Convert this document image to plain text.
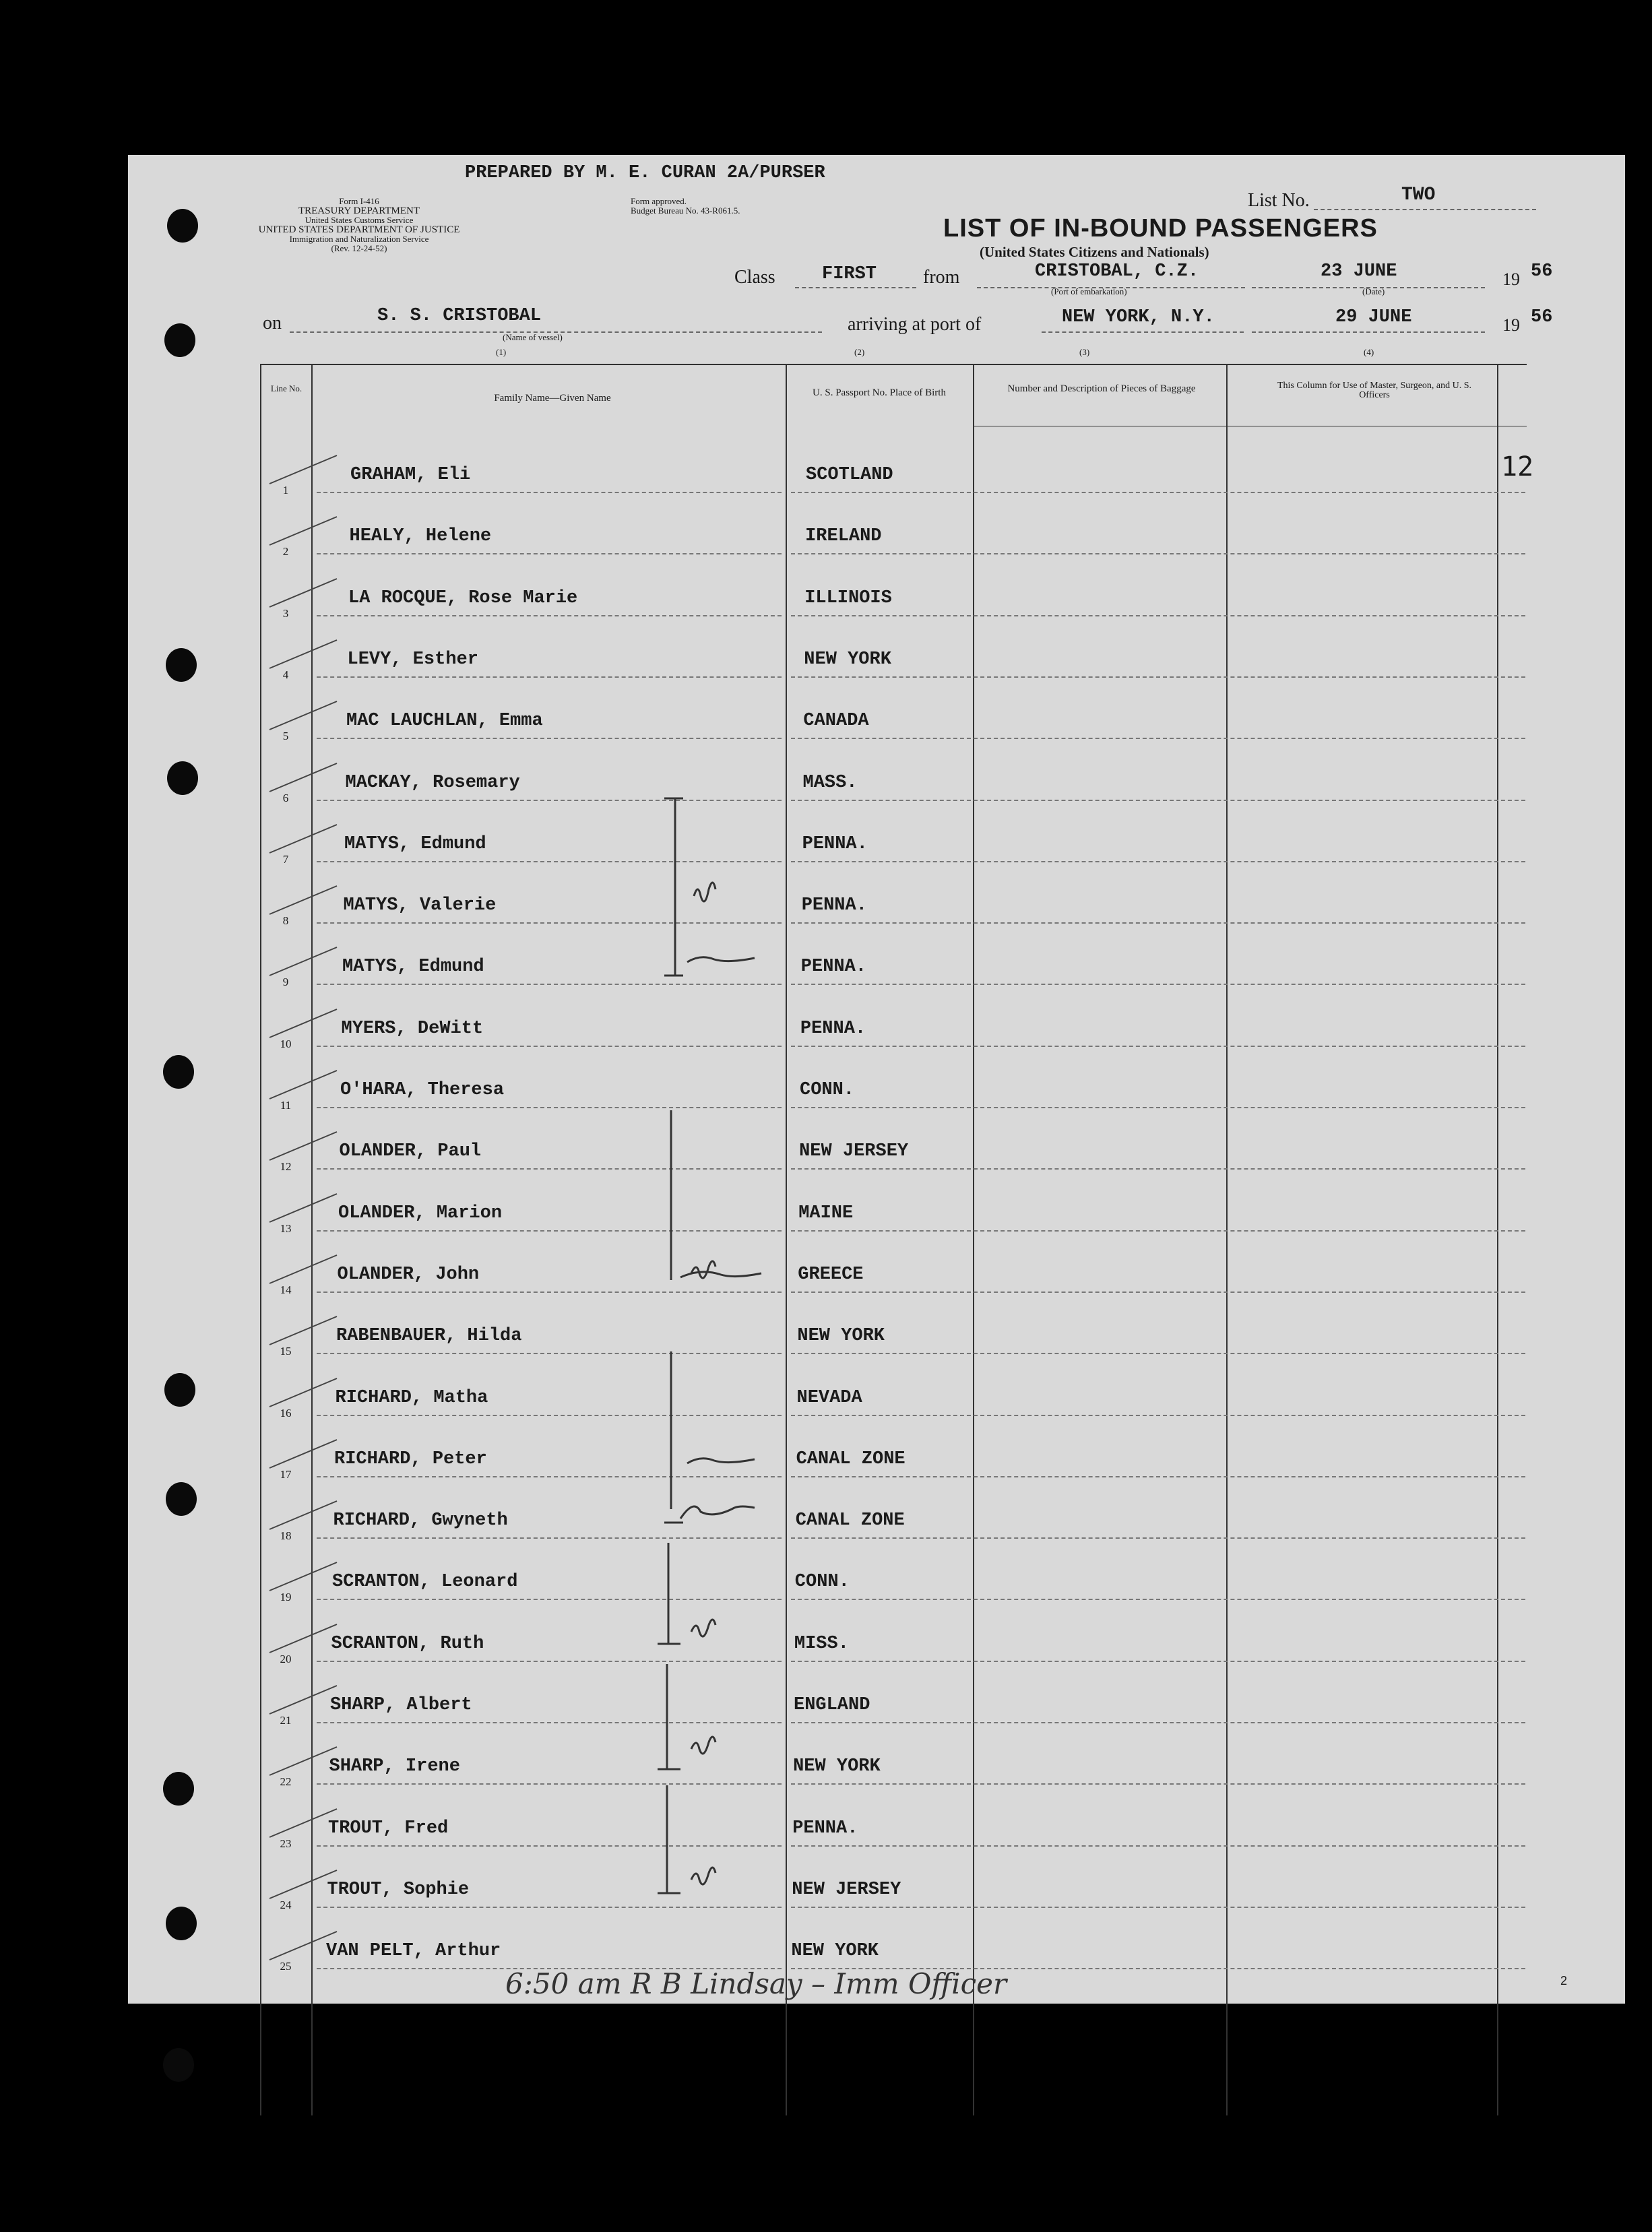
PREPARED BY M. E. CURAN 2A/PURSER
Form I-416
TREASURY DEPARTMENT
United States Customs Service
UNITED STATES DEPARTMENT OF JUSTICE
Immigration and Naturalization Service
(Rev. 12-24-52)
Form approved.
Budget Bureau No. 43-R061.5.	List No.	TWO
LIST OF IN-BOUND PASSENGERS
(United States Citizens and Nationals)
Class	FIRST from	CRISTOBAL, C.Z.
(Port of embarkation)
23 JUNE
(Date)
19 56
on	S. S. CRISTOBAL
(Name of vessel)
(1)
arriving at port of	NEW YORK, N.Y.
(2)	(3)
29 JUNE
(4)
19 56
Line No.
Family Name—Given Name	U. S. Passport No. Place of Birth	Number and Description of Pieces of Baggage	This Column for Use of Master, Surgeon, and U. S. Officers
12
1
GRAHAM, Eli	SCOTLAND
2
HEALY, Helene	IRELAND
3
LA ROCQUE, Rose Marie	ILLINOIS
4
LEVY, Esther	NEW YORK
5
MAC LAUCHLAN, Emma	CANADA
6
MACKAY, Rosemary	MASS.
7
MATYS, Edmund	PENNA.
8
MATYS, Valerie	PENNA.
9
MATYS, Edmund	PENNA.
10
MYERS, DeWitt	PENNA.
11
O'HARA, Theresa	CONN.
12
OLANDER, Paul	NEW JERSEY
13
OLANDER, Marion	MAINE
14
OLANDER, John	GREECE
15
RABENBAUER, Hilda	NEW YORK
16
RICHARD, Matha	NEVADA
17
RICHARD, Peter	CANAL ZONE
18
RICHARD, Gwyneth	CANAL ZONE
19
SCRANTON, Leonard	CONN.
20
SCRANTON, Ruth	MISS.
21
SHARP, Albert	ENGLAND
22
SHARP, Irene	NEW YORK
23
TROUT, Fred	PENNA.
24
TROUT, Sophie	NEW JERSEY
25
VAN PELT, Arthur	NEW YORK
6:50 am R B Lindsay – Imm Officer	2
